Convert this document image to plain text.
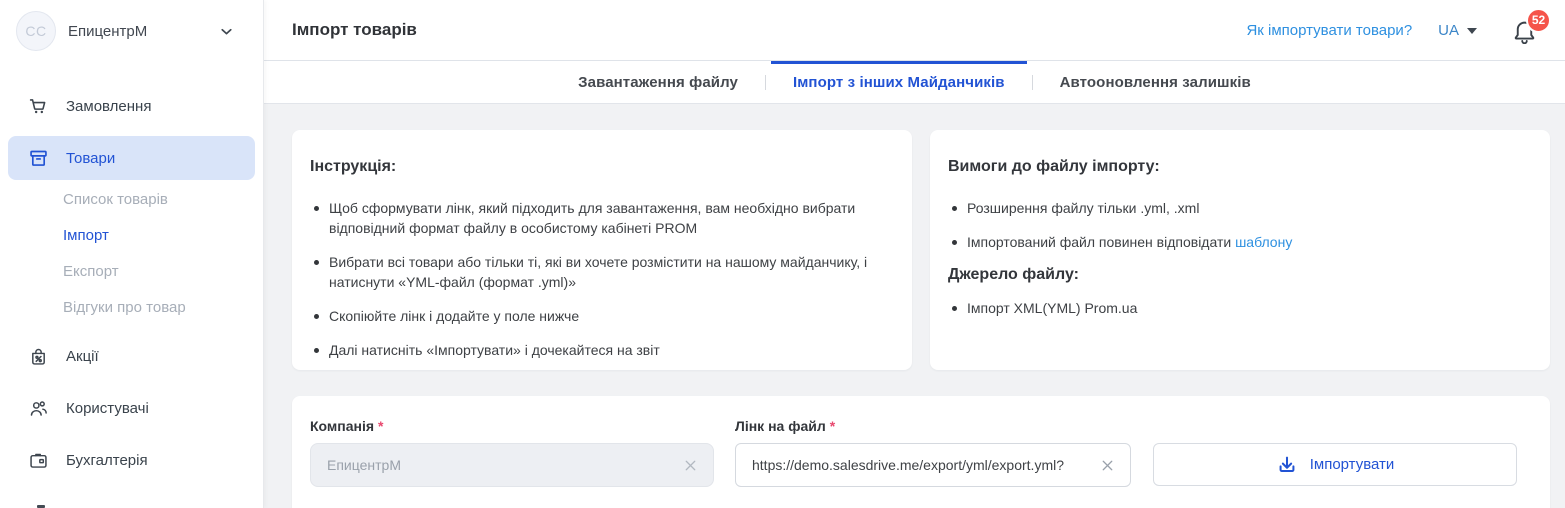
CC ЕпицентрМ
Замовлення
Товари
Список товарів
Імпорт
Експорт
Відгуки про товар
Акції
Користувачі
Бухгалтерія
Імпорт товарів	Як імпортувати товари? UA
52
Завантаження файлу	Імпорт з інших Майданчиків	Автооновлення залишків
Інструкція:
Щоб сформувати лінк, який підходить для завантаження, вам необхідно вибрати відповідний формат файлу в особистому кабінеті PROM
Вибрати всі товари або тільки ті, які ви хочете розмістити на нашому майданчику, і натиснути «YML-файл (формат .yml)»
Скопіюйте лінк і додайте у поле нижче
Далі натисніть «Імпортувати» і дочекайтеся на звіт
Вимоги до файлу імпорту:
Розширення файлу тільки .yml, .xml
Імпортований файл повинен відповідати шаблону
Джерело файлу:
Імпорт XML(YML) Prom.ua
Компанія *
ЕпицентрМ	Лінк на файл *
https://demo.salesdrive.me/export/yml/export.yml?
Імпортувати
